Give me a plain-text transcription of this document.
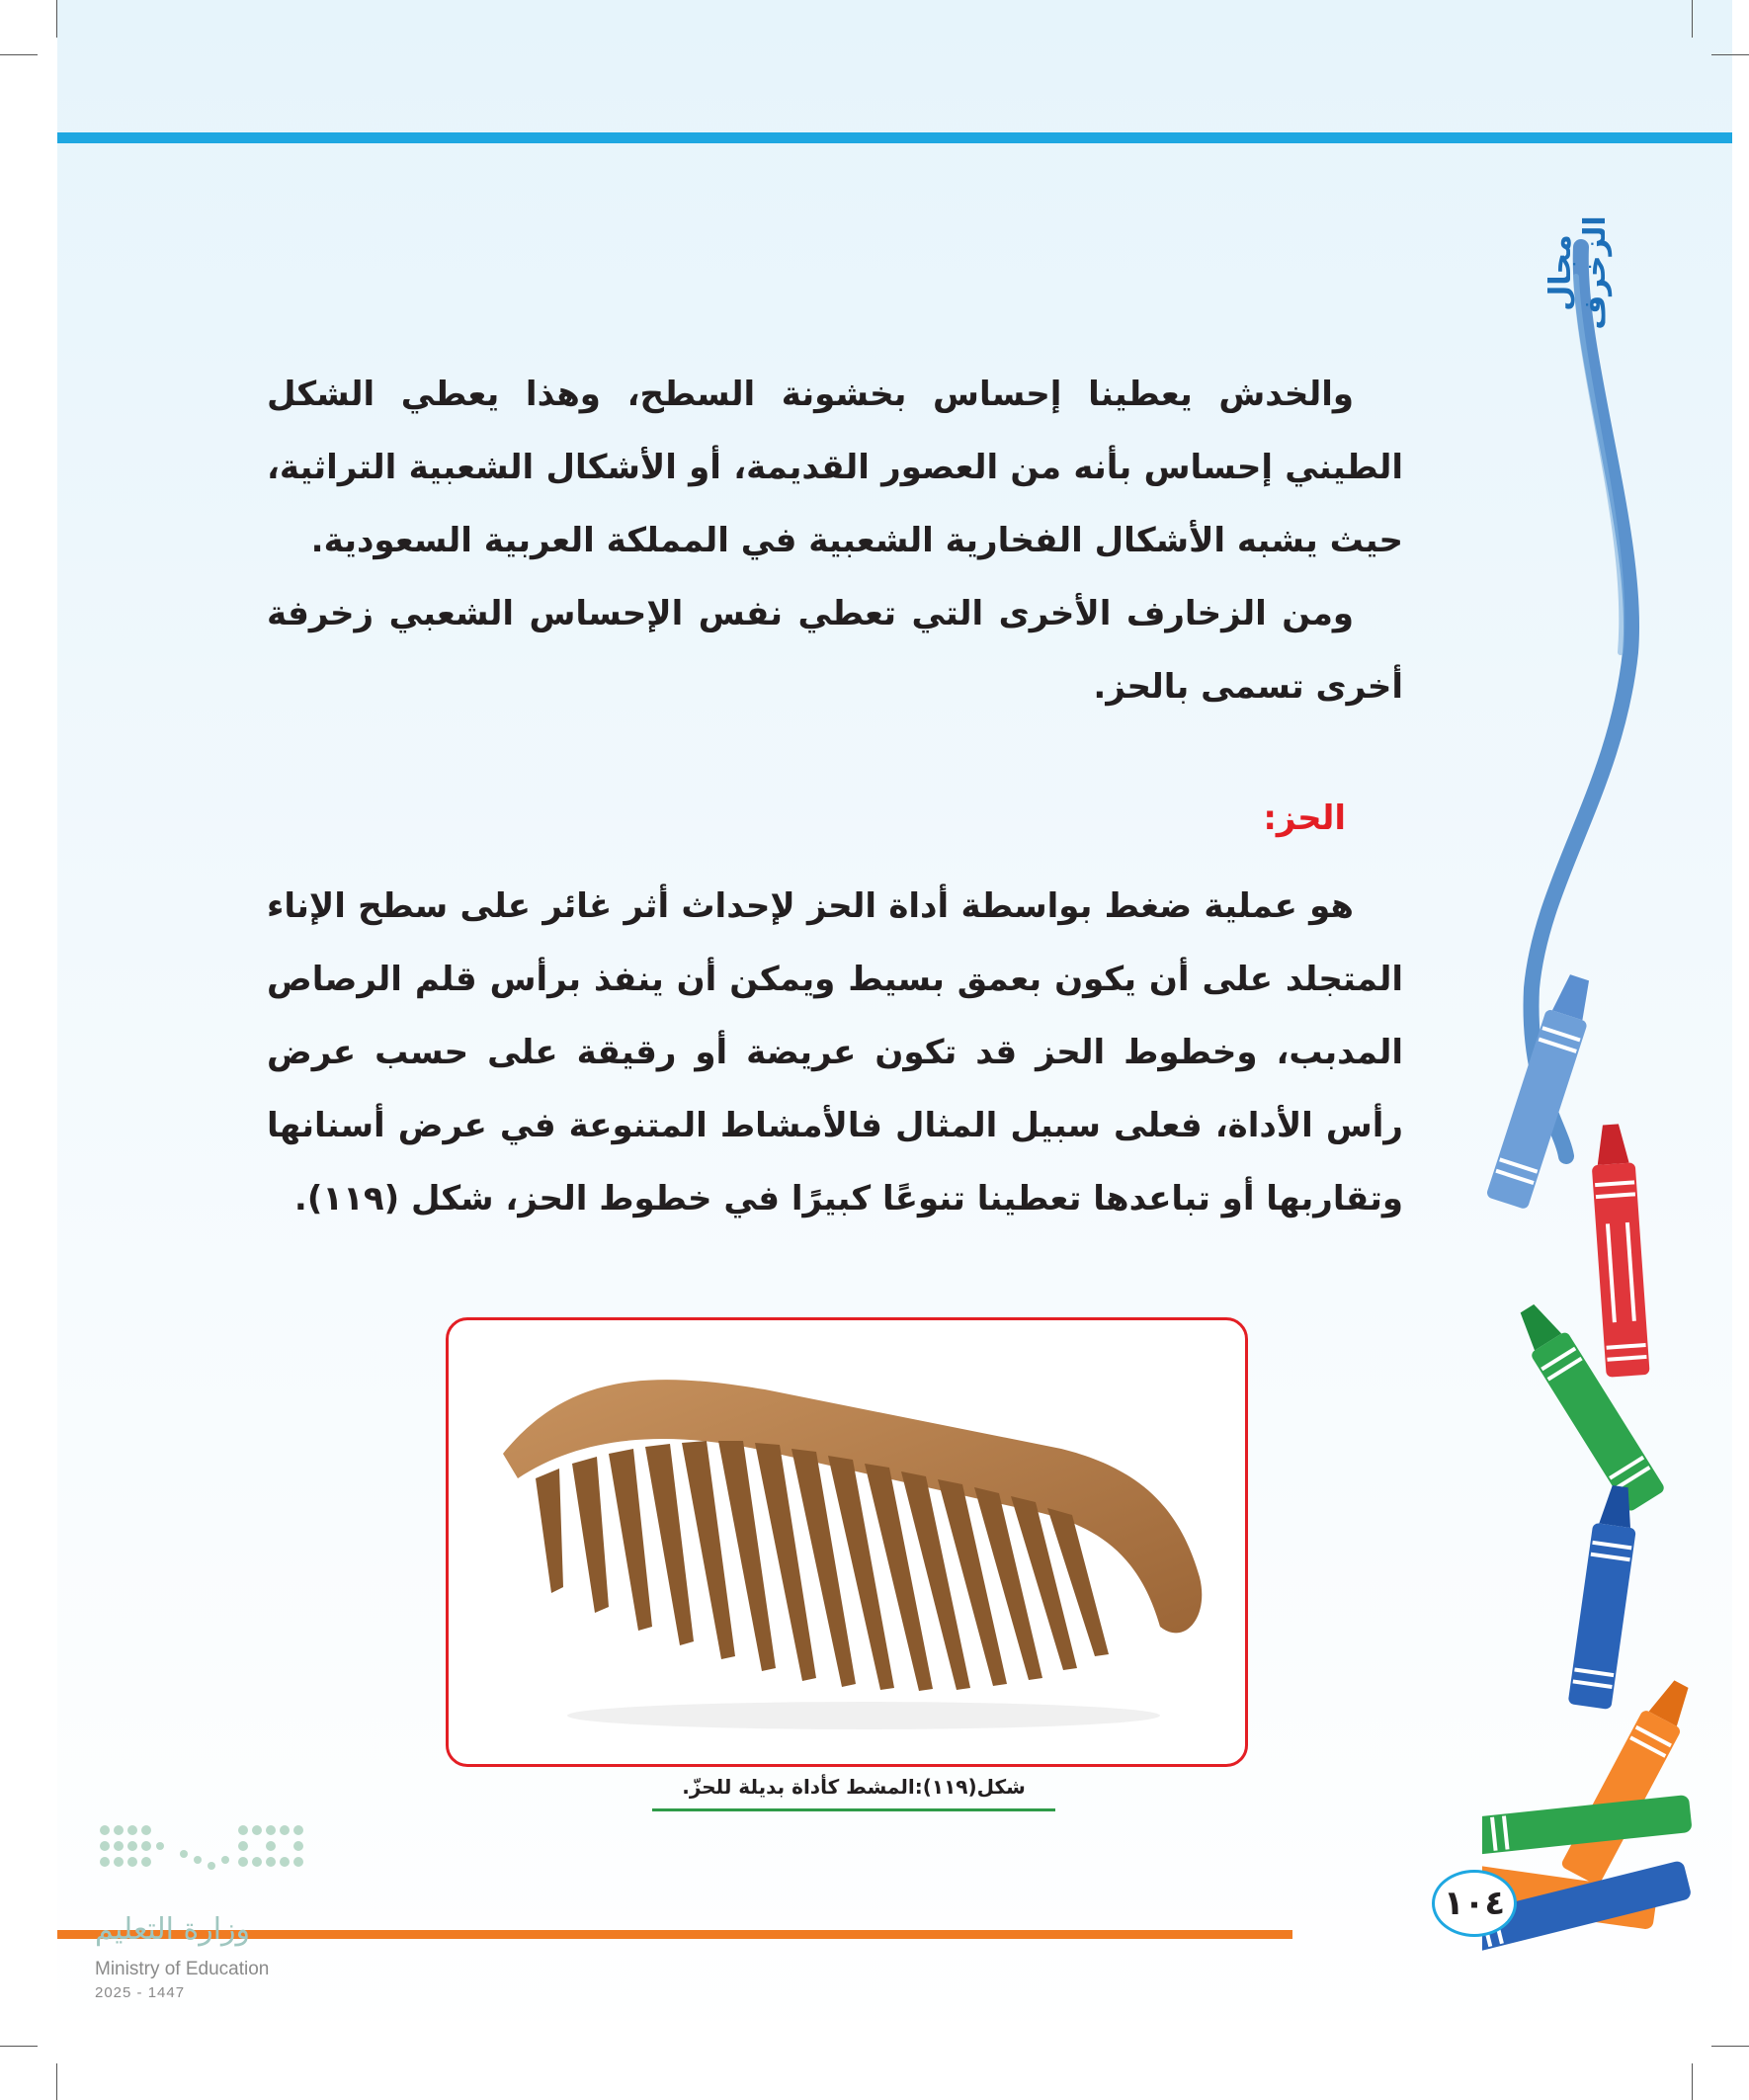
مجال الزخرف

والخدش يعطينا إحساس بخشونة السطح، وهذا يعطي الشكل الطيني إحساس بأنه من العصور القديمة، أو الأشكال الشعبية التراثية، حيث يشبه الأشكال الفخارية الشعبية في المملكة العربية السعودية.

ومن الزخارف الأخرى التي تعطي نفس الإحساس الشعبي زخرفة أخرى تسمى بالحز.

الحز:

هو عملية ضغط بواسطة أداة الحز لإحداث أثر غائر على سطح الإناء المتجلد على أن يكون بعمق بسيط ويمكن أن ينفذ برأس قلم الرصاص المدبب، وخطوط الحز قد تكون عريضة أو رقيقة على حسب عرض رأس الأداة، فعلى سبيل المثال فالأمشاط المتنوعة في عرض أسنانها وتقاربها أو تباعدها تعطينا تنوعًا كبيرًا في خطوط الحز، شكل (١١٩).

شكل(١١٩):المشط كأداة بديلة للحزّ.
١٠٤
وزارة التعليم
Ministry of Education
2025 - 1447
